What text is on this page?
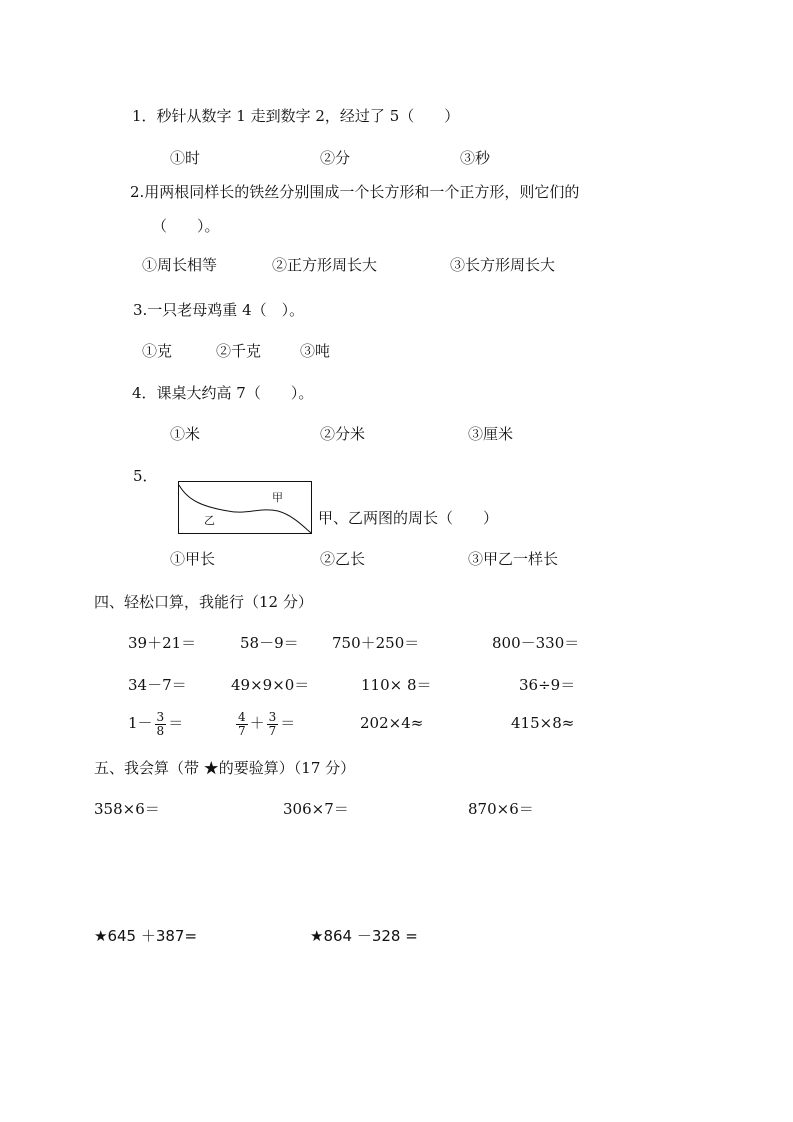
1．秒针从数字 1 走到数字 2，经过了 5（　　）
①时	②分	③秒
2.用两根同样长的铁丝分别围成一个长方形和一个正方形，则它们的
（　　）。
①周长相等	②正方形周长大	③长方形周长大
3.一只老母鸡重 4（　）。
①克	②千克	③吨
4．课桌大约高 7（　　）。
①米	②分米	③厘米
5．
甲
乙	甲、乙两图的周长（　　）
①甲长	②乙长	③甲乙一样长
四、轻松口算，我能行（12 分）
39＋21＝	58－9＝ 750＋250＝	800－330＝
34－7＝	49×9×0＝	110× 8＝	36÷9＝
$1- \frac{3}{8}$ ＝	$\frac{4}{7} + \frac{3}{7}$ ＝	202×4≈	415×8≈
五、我会算（带 ★的要验算）（17 分）
358×6＝	306×7＝	870×6＝
★645 ＋387=	★864 －328 =
